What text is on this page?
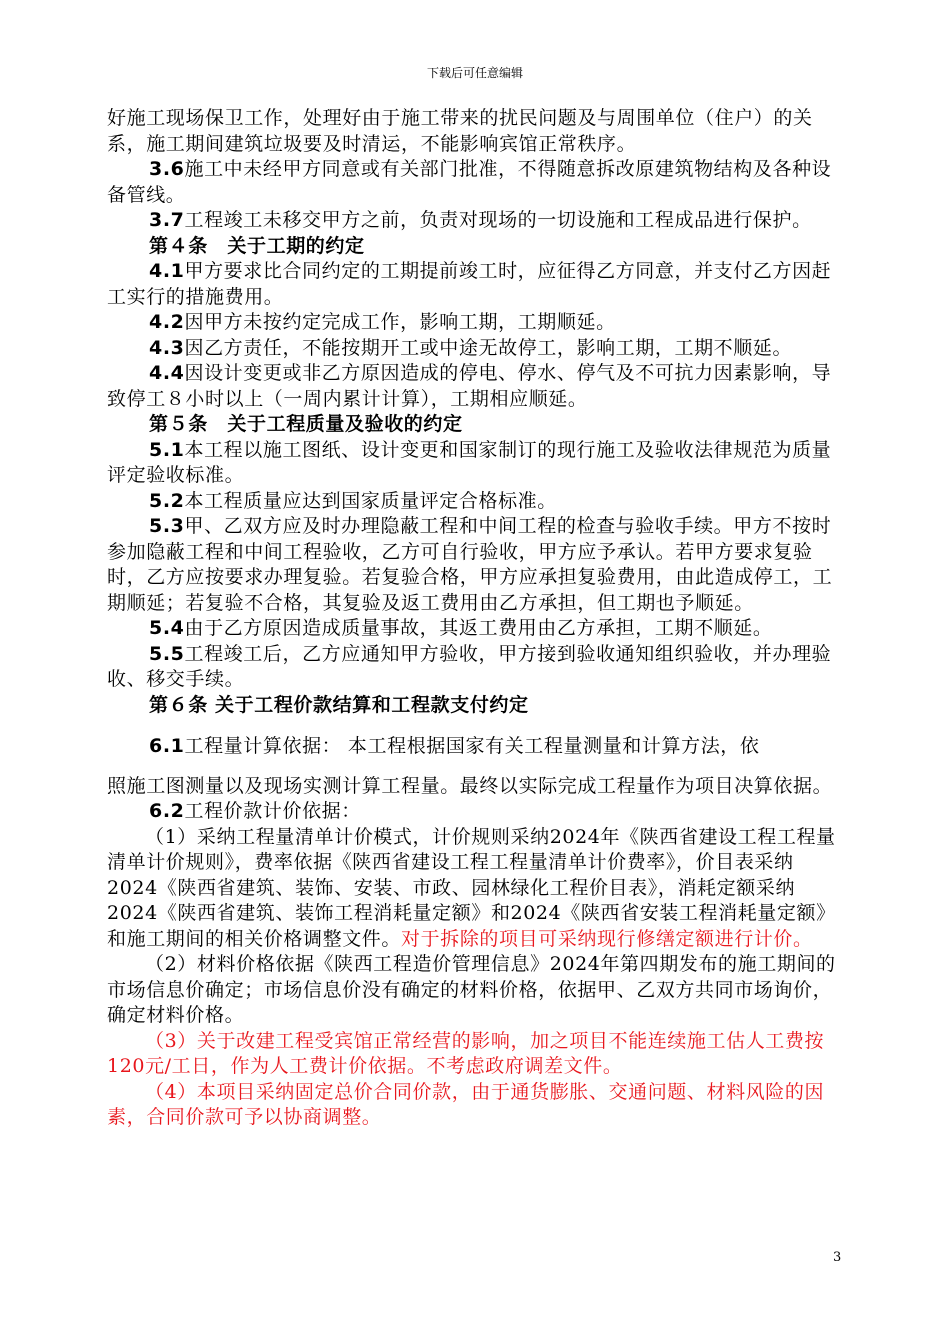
下载后可任意编辑

好施工现场保卫工作，处理好由于施工带来的扰民问题及与周围单位（住户）的关系，施工期间建筑垃圾要及时清运，不能影响宾馆正常秩序。

3.6施工中未经甲方同意或有关部门批准，不得随意拆改原建筑物结构及各种设备管线。

3.7工程竣工未移交甲方之前，负责对现场的一切设施和工程成品进行保护。

第４条　关于工期的约定

4.1甲方要求比合同约定的工期提前竣工时，应征得乙方同意，并支付乙方因赶工实行的措施费用。

4.2因甲方未按约定完成工作，影响工期，工期顺延。

4.3因乙方责任，不能按期开工或中途无故停工，影响工期，工期不顺延。

4.4因设计变更或非乙方原因造成的停电、停水、停气及不可抗力因素影响，导致停工８小时以上（一周内累计计算），工期相应顺延。

第５条　关于工程质量及验收的约定

5.1本工程以施工图纸、设计变更和国家制订的现行施工及验收法律规范为质量评定验收标准。

5.2本工程质量应达到国家质量评定合格标准。

5.3甲、乙双方应及时办理隐蔽工程和中间工程的检查与验收手续。甲方不按时参加隐蔽工程和中间工程验收，乙方可自行验收，甲方应予承认。若甲方要求复验时，乙方应按要求办理复验。若复验合格，甲方应承担复验费用，由此造成停工，工期顺延；若复验不合格，其复验及返工费用由乙方承担，但工期也予顺延。

5.4由于乙方原因造成质量事故，其返工费用由乙方承担，工期不顺延。

5.5工程竣工后，乙方应通知甲方验收，甲方接到验收通知组织验收，并办理验收、移交手续。

第６条 关于工程价款结算和工程款支付约定

6.1工程量计算依据： 本工程根据国家有关工程量测量和计算方法，依

照施工图测量以及现场实测计算工程量。最终以实际完成工程量作为项目决算依据。

6.2工程价款计价依据：

（1）采纳工程量清单计价模式，计价规则采纳2024年《陕西省建设工程工程量清单计价规则》，费率依据《陕西省建设工程工程量清单计价费率》，价目表采纳2024《陕西省建筑、装饰、安装、市政、园林绿化工程价目表》，消耗定额采纳2024《陕西省建筑、装饰工程消耗量定额》和2024《陕西省安装工程消耗量定额》和施工期间的相关价格调整文件。对于拆除的项目可采纳现行修缮定额进行计价。

（2）材料价格依据《陕西工程造价管理信息》2024年第四期发布的施工期间的市场信息价确定；市场信息价没有确定的材料价格，依据甲、乙双方共同市场询价，确定材料价格。

（3）关于改建工程受宾馆正常经营的影响，加之项目不能连续施工估人工费按120元/工日，作为人工费计价依据。不考虑政府调差文件。

（4）本项目采纳固定总价合同价款，由于通货膨胀、交通问题、材料风险的因素，合同价款可予以协商调整。

3
